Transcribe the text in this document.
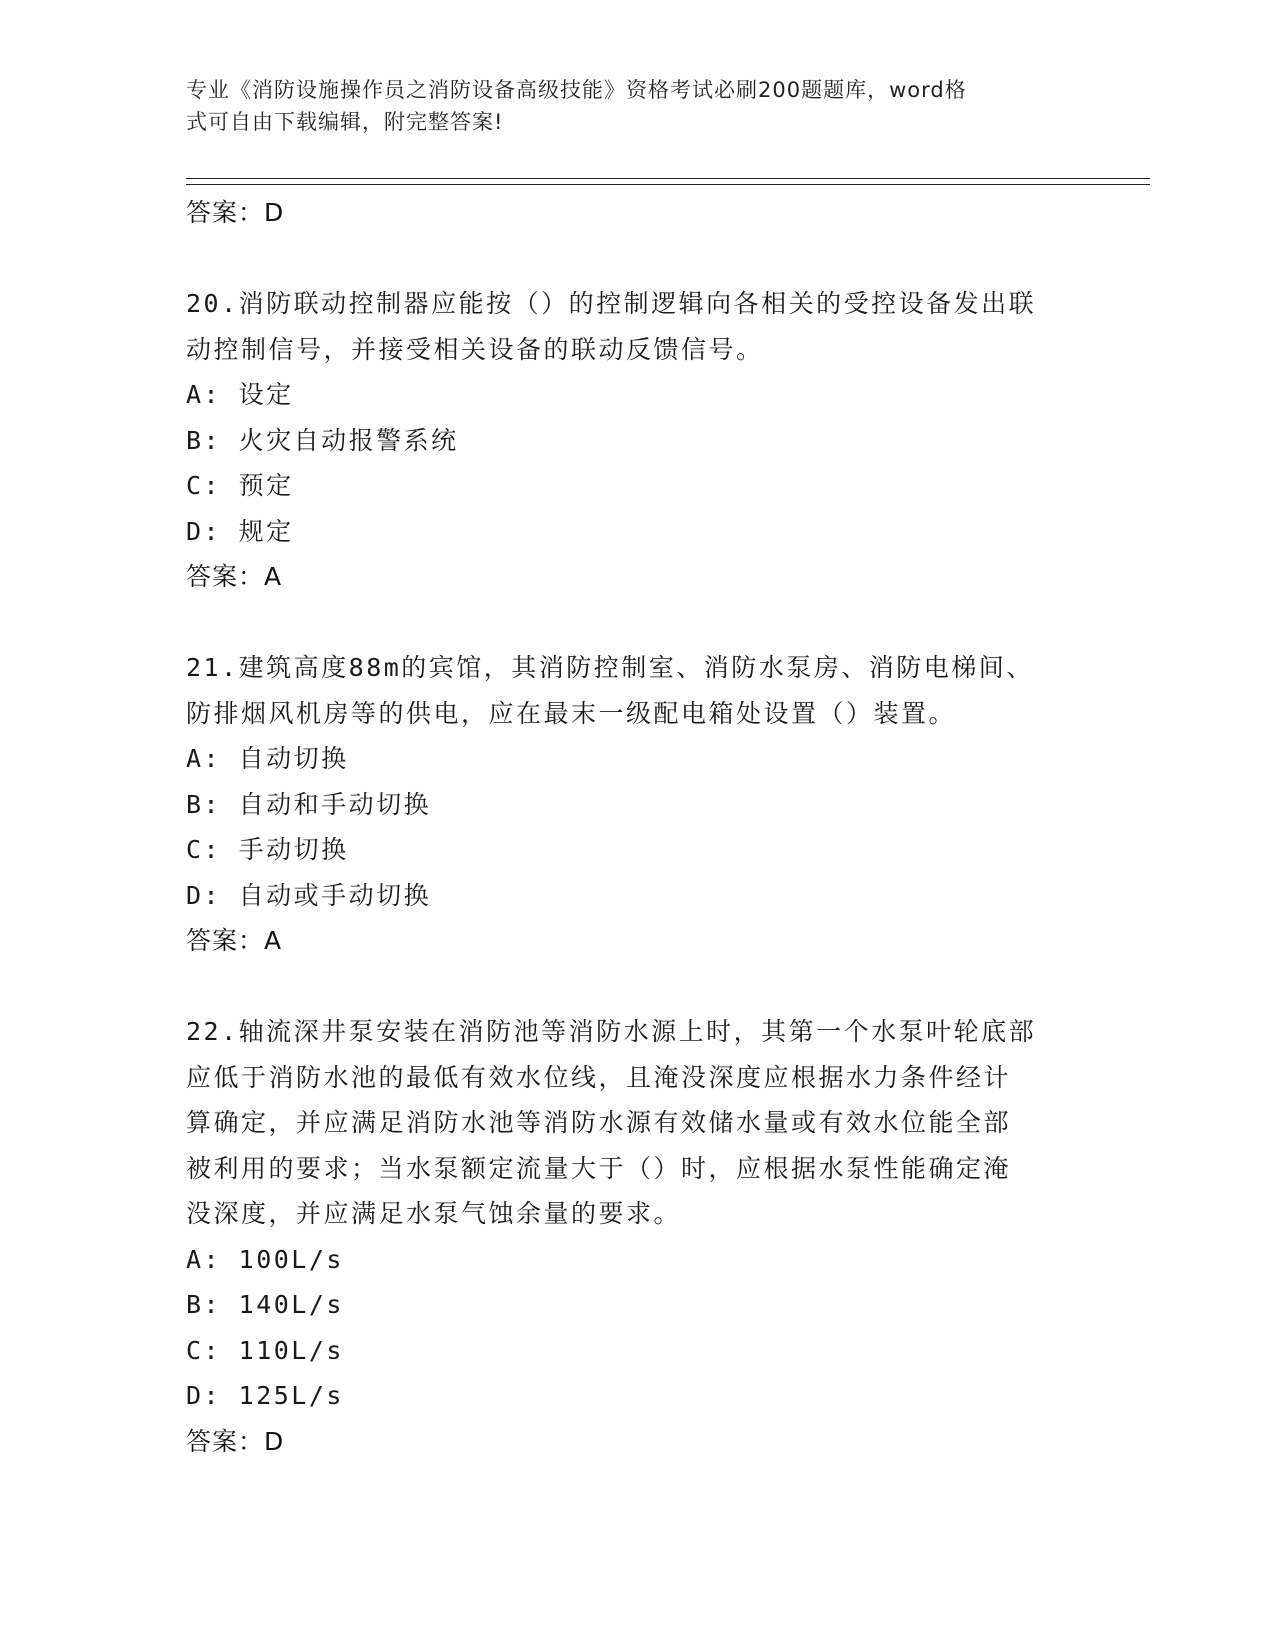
专业《消防设施操作员之消防设备高级技能》资格考试必刷200题题库，word格
式可自由下载编辑，附完整答案!
答案：D
20.消防联动控制器应能按（）的控制逻辑向各相关的受控设备发出联
动控制信号，并接受相关设备的联动反馈信号。
A: 设定
B: 火灾自动报警系统
C: 预定
D: 规定
答案：A
21.建筑高度88m的宾馆，其消防控制室、消防水泵房、消防电梯间、
防排烟风机房等的供电，应在最末一级配电箱处设置（）装置。
A: 自动切换
B: 自动和手动切换
C: 手动切换
D: 自动或手动切换
答案：A
22.轴流深井泵安装在消防池等消防水源上时，其第一个水泵叶轮底部
应低于消防水池的最低有效水位线，且淹没深度应根据水力条件经计
算确定，并应满足消防水池等消防水源有效储水量或有效水位能全部
被利用的要求；当水泵额定流量大于（）时，应根据水泵性能确定淹
没深度，并应满足水泵气蚀余量的要求。
A: 100L/s
B: 140L/s
C: 110L/s
D: 125L/s
答案：D
